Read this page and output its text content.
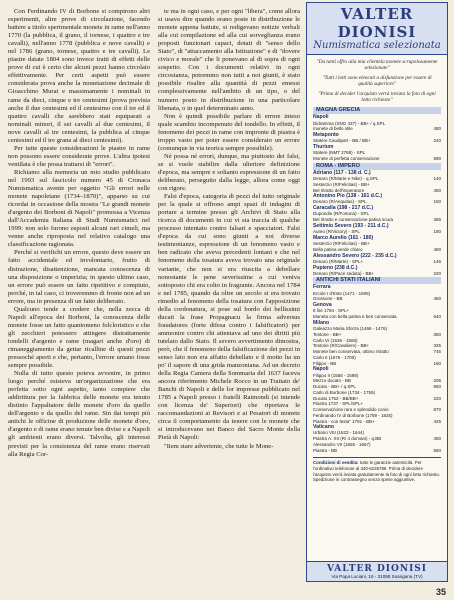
Con Ferdinando IV di Borbone si compirono altri esperimenti, altre prove di circolazione, facendo battere a titolo sperimentale monete in rame nell'anno 1770 (la pubblica, il grano, il tornese, i quattro e tre cavalli), nell'anno 1778 (pubblica e nove cavalli) e nel 1786 (grano, tornese, quattro e tre cavalli). Le piastre datate 1804 sono invece tratti di effetti delle prove di cui è certo che alcuni pezzi hanno circolato effettivamente. Per certi aspetti può essere considerata prova anche la monetazione decimale di Gioacchino Murat e massimamente i nominali in rame da dieci, cinque e tre centesimi (prova prevista anche il due centesimi ed il centesimo con il tre ed il quattro cavalli che sarebbero stati equiparati a nominali minori, il sei cavalli al due centesimi, il nove cavalli al tre centesimi, la pubblica al cinque centesimi ed il tre grana al dieci centesimi).

Per tutte queste considerazioni le piastre in rame non possono essere considerate prove. L'altra ipotesi ventilata è che possa trattarsi di "errori".

Richiamo alla memoria un mio studio pubblicato nel 1993 sul fascicolo numero 45 di Cronaca Numismatica avente per oggetto "Gli errori nelle monete napoletane (1734–1870)", apparso su cui ricordai in occasione della mostra "Le grandi monete d'argento dei Borboni di Napoli" promossa a Vicenza dall'Accademia Italiana di Studi Numismatici nel 1999: non solo furono esposti alcuni rari cimeli, ma venne anche riproposta nel relativo catalogo una classificazione ragionata.

Perché si verifichi un errore, questo deve essere un fatto accidentale ed involontario, frutto di distrazione, disattenzione, mancata conoscenza di una disposizione o imperizia; in questo ultimo caso, un errore può essere un fatto ripetitivo e compiuto, perché, in tal caso, ci troveremmo di fronte non ad un errore, ma in presenza di un fatto deliberato.

Qualcuno tende a credere che, nella zecca di Napoli all'epoca dei Borboni, la conoscenza delle monete fosse un fatto quantomeno folcloristico e che gli zecchieri potessero attingere distrattamente tondelli d'argento e rame (magari anche d'oro) di rimaneggiamento da gettar ricalline di questi pezzi pressoché aperti e che, pertanto, l'errore umano fosse sempre possibile.

Nulla di tutto questo poteva avvenire, in primo luogo perché esisteva un'organizzazione che era perfetta sotto ogni aspetto, tanto compiere che addirittura per la fabbrica delle monete era tenuto distinto l'appaltatore delle monete d'oro da quello dell'argento e da quello del rame. Sin dai tempi più antichi le officine di produzione delle monete d'oro, d'argento e di rame erano tenute ben divise e a Napoli gli ambienti erano diversi. Talvolta, gli interessi previsti per la consistenza del rame erano riservati alla Regia Cor-

te ma in ogni caso, e per ogni "libera", come allora si usava dire quando erano poste in distribuzione le monete appena battute, si redigevano notizie verbali alla cui compilazione ed alla cui sorveglianza erano proposti funzionari capaci, dotati di "senso dello Stato", di "attaccamento alla Istituzione" e di "dovere civico e morale" che li ponevano al di sopra di ogni sospetto. Con i documenti relativi in ogni circostanza, potremmo non tutti a noi giunti, è stato possibile risalire alla quantità di pezzi emessi complessivamente nell'ambito di un tipo, o del numero posto in distribuzione in una particolare libenata, o in quel determinato anno.

Non è quindi possibile parlare di errore inteso quale scambio incompenuto del tondello. In effetti, il fenomeno dei pezzi in rame con impronte di piastra è troppo vasto per poter essere considerato un errore (comunque in via teorica sempre possibile).

Né possa né errori, dunque, ma piuttosto dei falsi, se si vuole stabilire dalla ulteriore definizione d'epoca, ma sempre e soltanto espressione di un fatto deliberato, perseguito dalla legge, allora come oggi con rigore.

Falsi d'epoca, categoria di pezzi del tutto originale per la quale si offrono ampi spazi di indagini di portare a termine presso gli Archivi di Stato alla ricerca di documenti in cui vi sia traccia di qualche processo intentato contro falsari e spacciatori. Falsi d'epoca da cui sono giunti a noi diverse testimonianze, espressione di un fenomeno vasto e ben radicato che aveva precedenti lontani e che nel fenomeno della tosatura aveva trovato una originale variante, che non si era riuscita a debellare nonostante le pene severissime a cui veniva sottoposto chi era colto in fragrante. Ancora nel 1784 e nel 1785, quando da oltre un secolo si era trovato rimedio al fenomeno della tosatura con l'apposizione della cordonatura, si pose sul bordo dei bellissimi ducati la frase Propagnacu la firma adversus fraudatores (forte difesa contro i falsificatori) per ammonire contro chi attentava ad uno dei diritti più tutelato dallo Stato. Il severo avvertimento dimostra, però, che il fenomeno della falsificazione dei pezzi in senso lato non era affatto debellato e il motto ha un po' il sapore di una grida manzoniana. Ad un decreto della Regia Camera della Sommaria del 1637 faceva ancora riferimento Michele Rocco in un Trattato de' Banchi di Napoli e delle lor impresse pubblicato nel 1785 a Napoli presso i fratelli Raimondi (si intende con licenza de' Superiori) che riportava le raccomandazioni ai Revisori e ai Pesatori di monete circa il comportamento da tenere con le monete che si introducevano nei Banco del Sacro Monte della Pietà di Napoli:

"Item stare advertente, che tutte le Mone-

VALTER DIONISI
Numismatica selezionata

"Da tanti offro alla mia clientela monete scrupolosamente selezionate"

"Tutti i lotti sono elencati a disfunzione per essere di qualità superiore"

"Prima di decider l'acquisto verrà inviata la foto di ogni lotto richiesto"

MAGNA GRECIA
Napoli
Didramma (SNG 437) - BB+ / q.SPL
monete di bello stile	480
Metaponto
Statere Caudipart - BB / BB+	240
Thurium
Statere (NMT 2768) - SPL
Monete di perfetta conservazione	590
ROMA - IMPERO
Adriano (117 - 138 d. C.)
Denaro (R/Marte e Nike) - q.SPL	140
Sesterzio (R/Felicitas) - BB+
Bel ritratto dell'imperatore	450
Antonino Pio (138 - 161 d.C.)
Denaro (R/Aequitas) - SPL	150
Caracalla (198 - 217 d.C.)
Dupondio (R/Fortuna) - SPL
Bel ritratto e conservazione pativa scura	365
Settimio Severo (193 - 211 d.C.)
Aureo (R/Victory) - SPL	180
Marco Aurelio (161 - 180)
Sesterzio (R/Felicitas) - BB+
Bella patina verde chiaro	450
Alessandro Severo (222 - 235 d.C.)
Denaro (R/Marte) - SPL+	145
Pupieno (238 d.C.)
Denaro (R/Pace seduta) - BB+	220
ANTICHI STATI ITALIANI
Ferrara
Ercole I d'Este (1471 - 1505)
Grossone - BB	450
Genova
8 lire 1794 - SPL+
Moneta con bella patina e ben conservata	640
Milano
Galeazzo Maria Sforza (1466 - 1476)
Testone - BB+	350
Carlo VI (1535 - 1558)
Testone (R/Cavaliere) - BB+	325
Monete ben conservata, ottimo ritratto	745
Carlo II (1676 - 1700)
Filippo - BB	160
Napoli
Filippo II (1556 - 1598)
Mezzo ducato - BB	205
Ducato - BB+ / q.SPL	650
Carlo di Borbone (1734 - 1759)
Ducato 1752 - BB/BB+	220
Piastra 1737 - SPL/SPL+
Conservazione rara e splendido conio	870
Ferdinando IV di Borbone (1759 - 1825)
Piastra - con testa" 1791 - BB+	425
Vaticano
Urbano VIII (1623 - 1644)
Piastra A. XII (R/ 4 domani) - q.BB	450
Alessandro VII (1655 - 1667)
Piastra - BB	560
Condizioni di vendita: tutte le garanzie autenticità. Per l'ordinativo telefonare al 340-6236789. Prima di decidere l'acquisto verrà inviata gratuitamente la foto di ogni lotto richiesto. Spedizione in contrassegno senza spese aggiuntive.
VALTER DIONISI
Via Papa Luciani, 16 - 31058 Susegana (TV)
35
